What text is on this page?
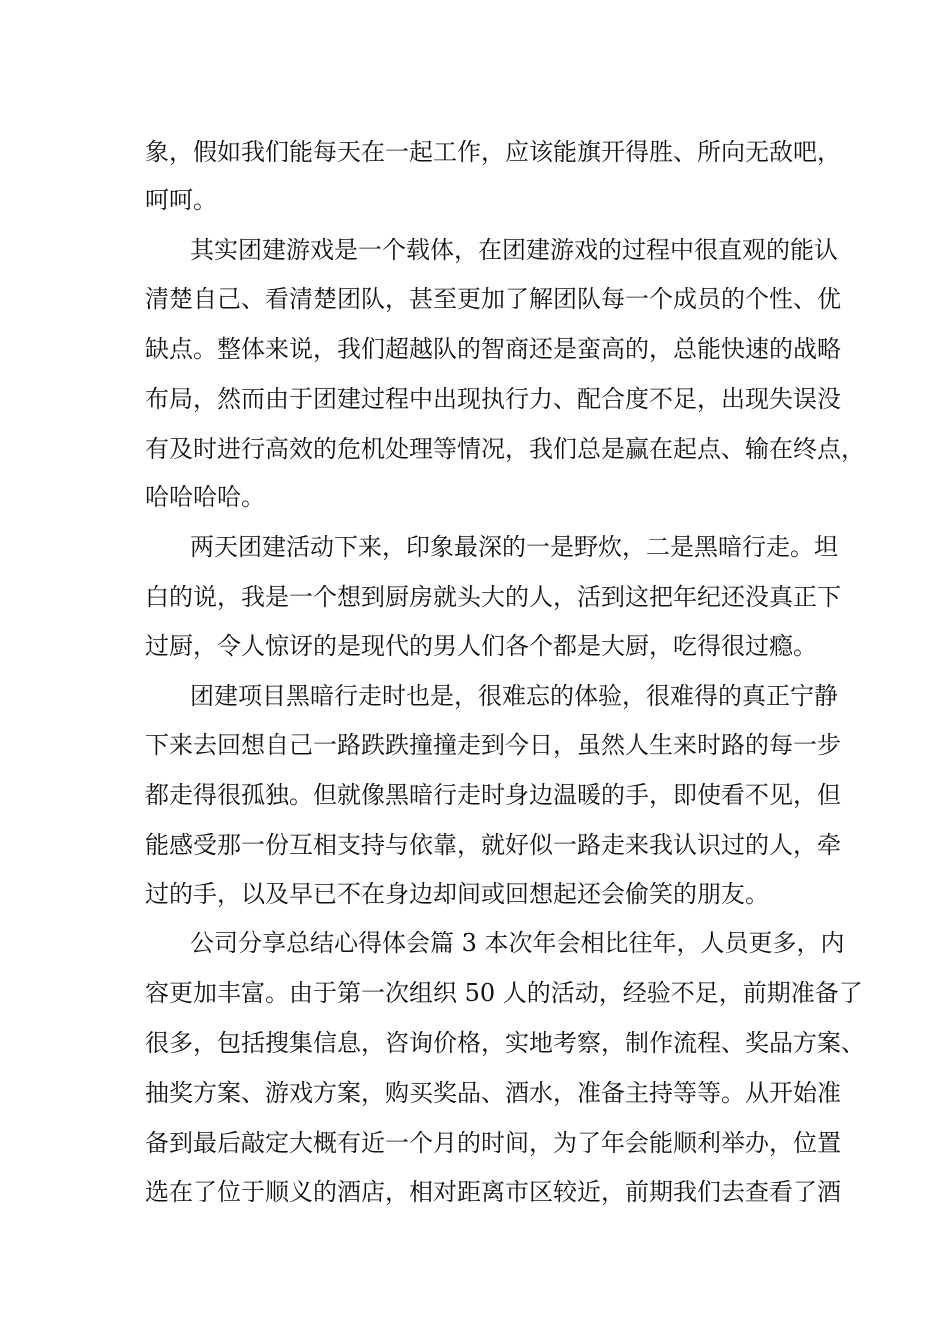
象，假如我们能每天在一起工作，应该能旗开得胜、所向无敌吧，
呵呵。
其实团建游戏是一个载体，在团建游戏的过程中很直观的能认
清楚自己、看清楚团队，甚至更加了解团队每一个成员的个性、优
缺点。整体来说，我们超越队的智商还是蛮高的，总能快速的战略
布局，然而由于团建过程中出现执行力、配合度不足，出现失误没
有及时进行高效的危机处理等情况，我们总是赢在起点、输在终点，
哈哈哈哈。
两天团建活动下来，印象最深的一是野炊，二是黑暗行走。坦
白的说，我是一个想到厨房就头大的人，活到这把年纪还没真正下
过厨，令人惊讶的是现代的男人们各个都是大厨，吃得很过瘾。
团建项目黑暗行走时也是，很难忘的体验，很难得的真正宁静
下来去回想自己一路跌跌撞撞走到今日，虽然人生来时路的每一步
都走得很孤独。但就像黑暗行走时身边温暖的手，即使看不见，但
能感受那一份互相支持与依靠，就好似一路走来我认识过的人，牵
过的手，以及早已不在身边却间或回想起还会偷笑的朋友。
公司分享总结心得体会篇 3 本次年会相比往年，人员更多，内
容更加丰富。由于第一次组织 50 人的活动，经验不足，前期准备了
很多，包括搜集信息，咨询价格，实地考察，制作流程、奖品方案、
抽奖方案、游戏方案，购买奖品、酒水，准备主持等等。从开始准
备到最后敲定大概有近一个月的时间，为了年会能顺利举办，位置
选在了位于顺义的酒店，相对距离市区较近，前期我们去查看了酒
